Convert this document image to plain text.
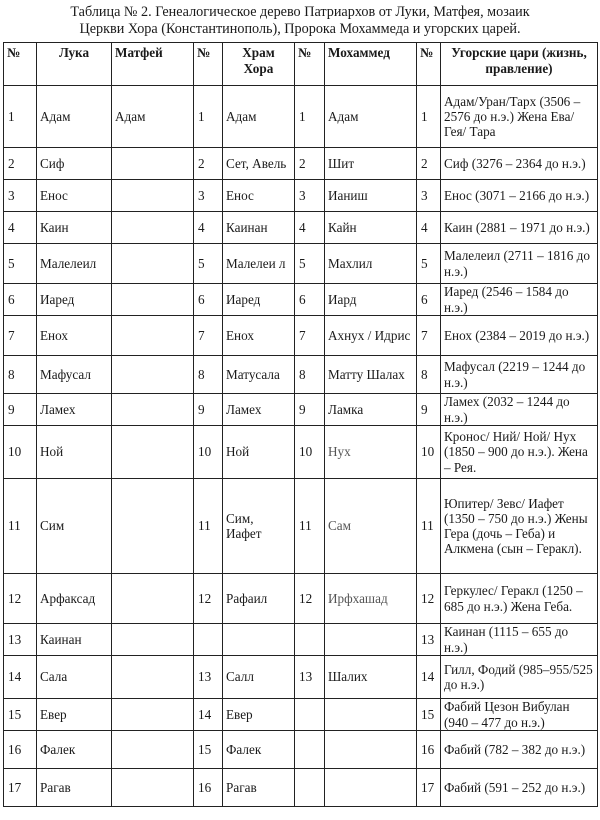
Таблица № 2. Генеалогическое дерево Патриархов от Луки, Матфея, мозаик
Церкви Хора (Константинополь), Пророка Мохаммеда и угорских царей.
№	Лука	Матфей	№	Храм Хора	№	Мохаммед	№	Угорские цари (жизнь, правление)
1	Адам	Адам	1	Адам	1	Адам	1	Адам/Уран/Тарх (3506 – 2576 до н.э.) Жена Ева/ Гея/ Тара
2	Сиф		2	Сет, Авель	2	Шит	2	Сиф (3276 – 2364 до н.э.)
3	Енос		3	Енос	3	Ианиш	3	Енос (3071 – 2166 до н.э.)
4	Каин		4	Каинан	4	Кайн	4	Каин (2881 – 1971 до н.э.)
5	Малелеил		5	Малелеи л	5	Махлил	5	Малелеил (2711 – 1816 до н.э.)
6	Иаред		6	Иаред	6	Иард	6	Иаред (2546 – 1584 до н.э.)
7	Енох		7	Енох	7	Ахнух / Идрис	7	Енох (2384 – 2019 до н.э.)
8	Мафусал		8	Матусала	8	Матту Шалах	8	Мафусал (2219 – 1244 до н.э.)
9	Ламех		9	Ламех	9	Ламка	9	Ламех (2032 – 1244 до н.э.)
10	Ной		10	Ной	10	Нух	10	Кронос/ Ний/ Ной/ Нух (1850 – 900 до н.э.). Жена – Рея.
11	Сим		11	Сим, Иафет	11	Сам	11	Юпитер/ Зевс/ Иафет (1350 – 750 до н.э.) Жены Гера (дочь – Геба) и Алкмена (сын – Геракл).
12	Арфаксад		12	Рафаил	12	Ирфхашад	12	Геркулес/ Геракл (1250 – 685 до н.э.) Жена Геба.
13	Каинан						13	Каинан (1115 – 655 до н.э.)
14	Сала		13	Салл	13	Шалих	14	Гилл, Фодий (985–955/525 до н.э.)
15	Евер		14	Евер			15	Фабий Цезон Вибулан (940 – 477 до н.э.)
16	Фалек		15	Фалек			16	Фабий (782 – 382 до н.э.)
17	Рагав		16	Рагав			17	Фабий (591 – 252 до н.э.)
